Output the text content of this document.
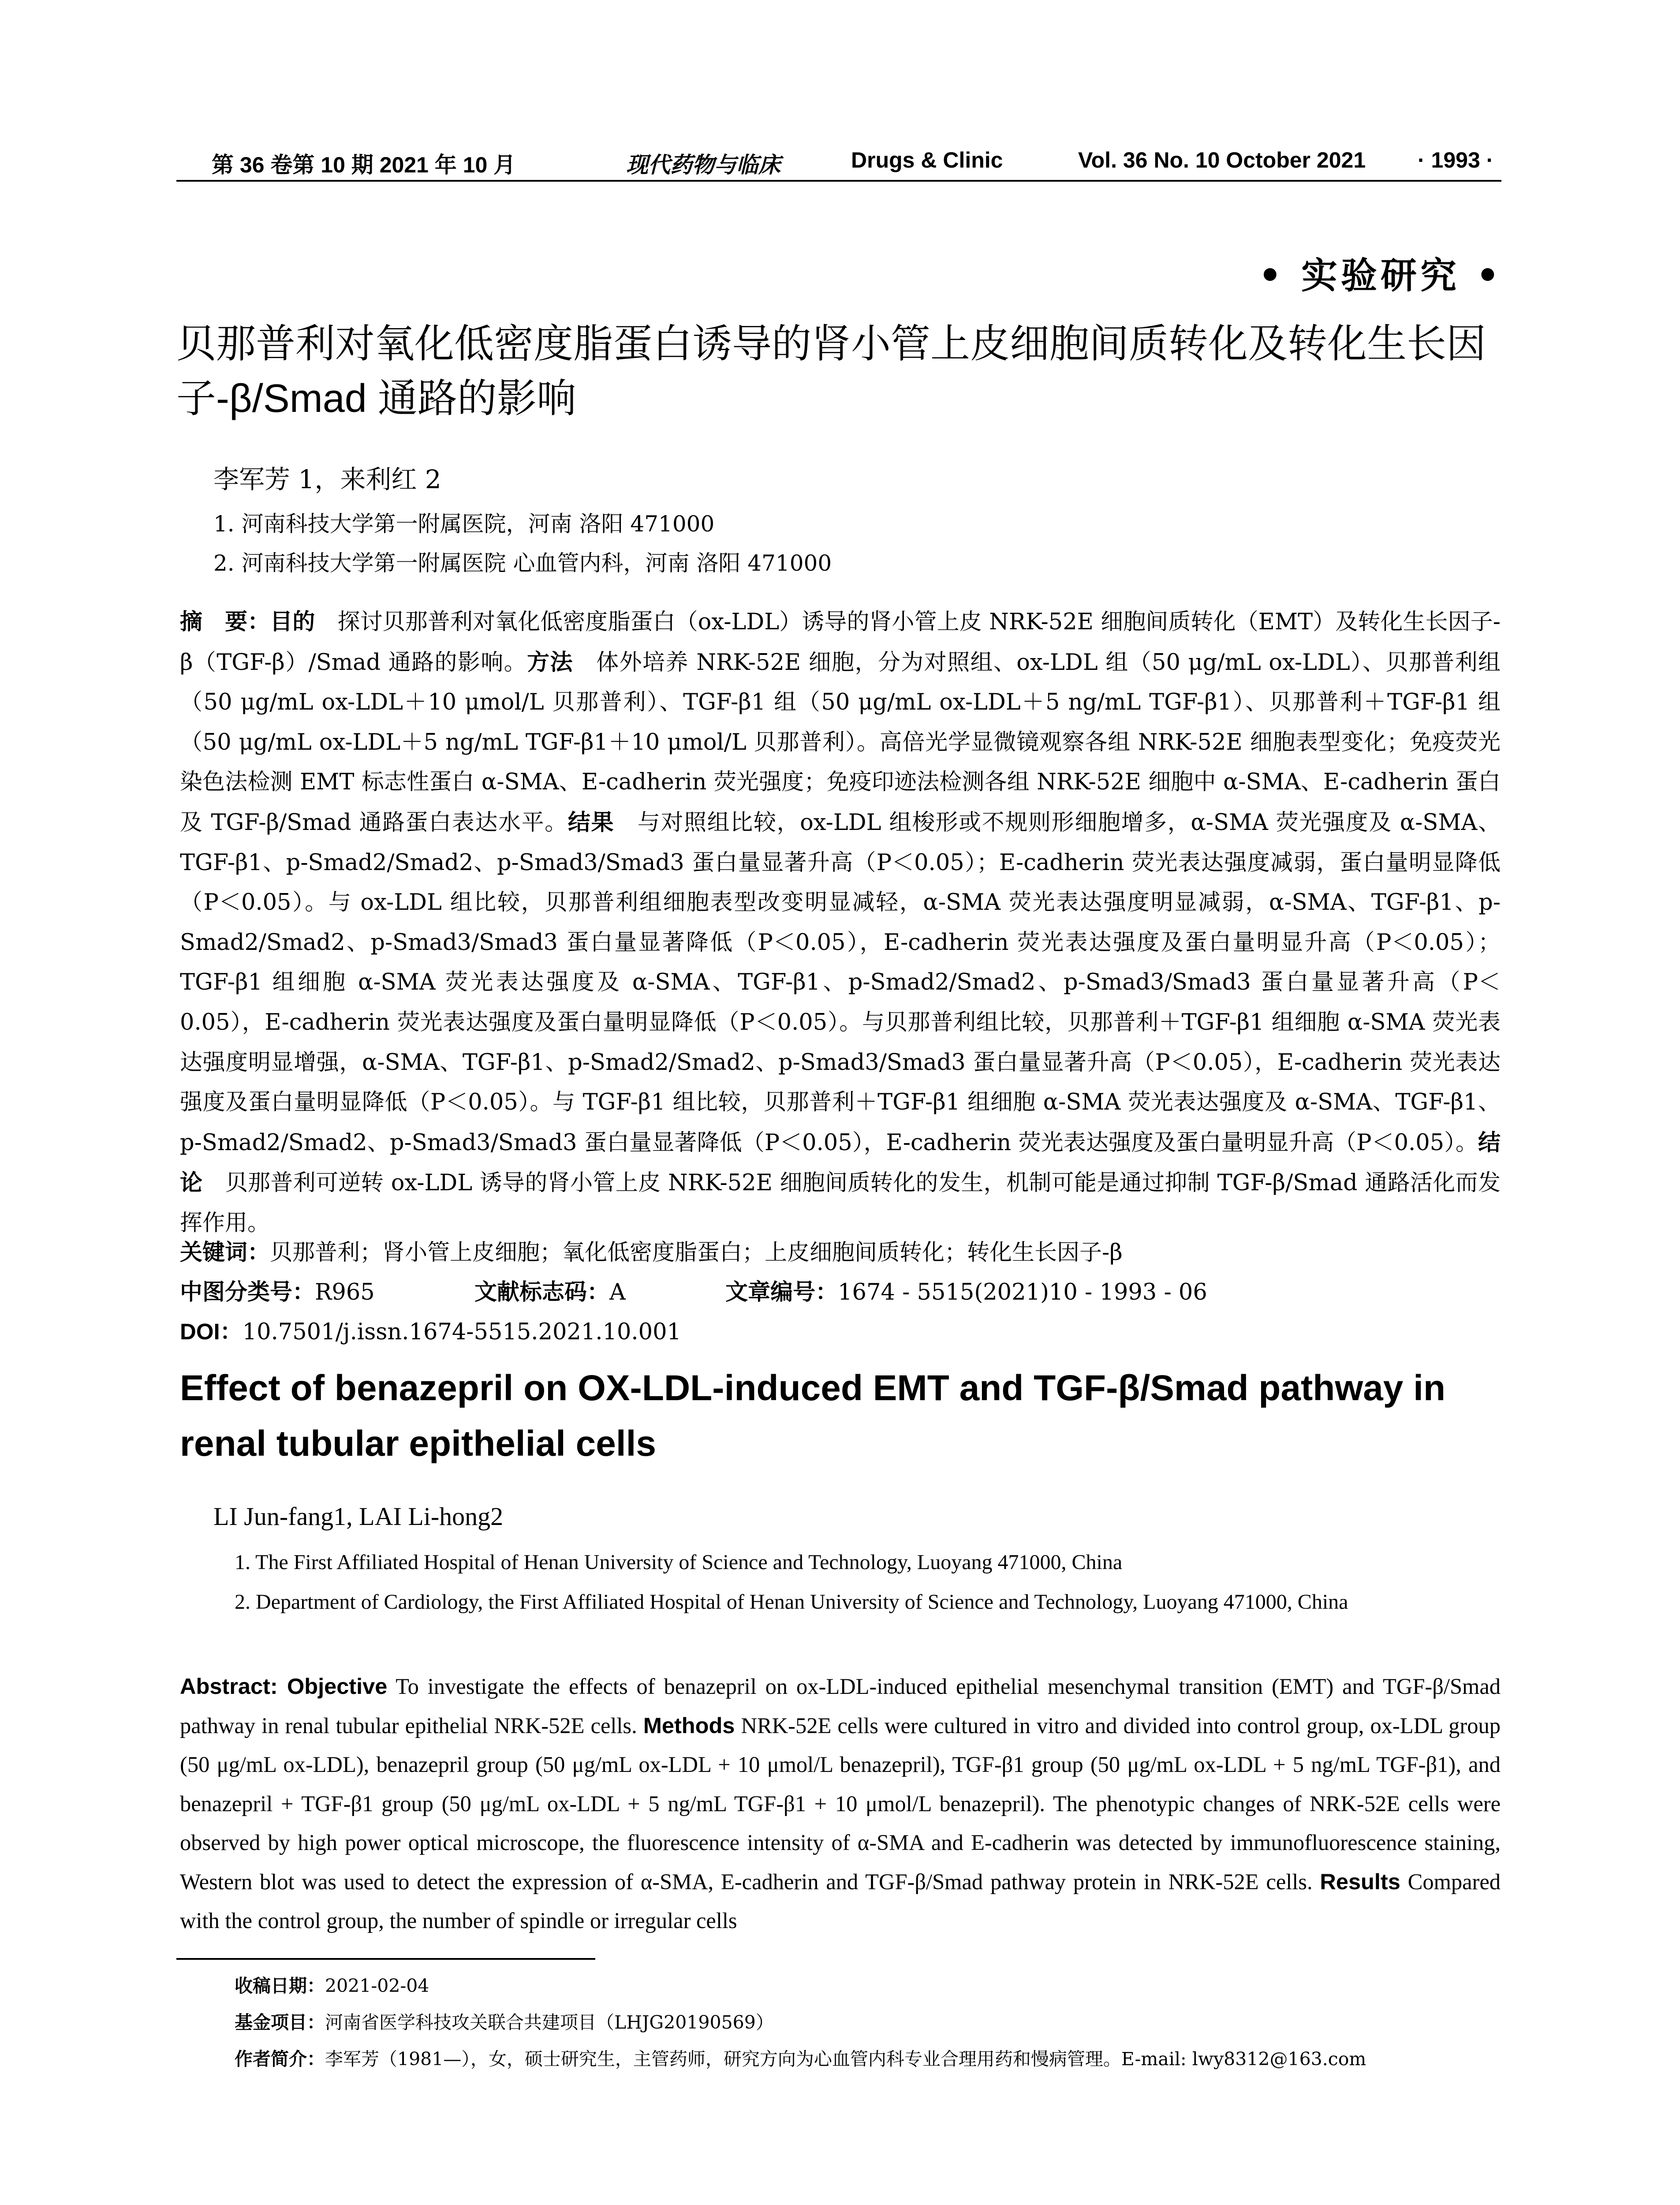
第 36 卷第 10 期 2021 年 10 月	现代药物与临床	Drugs & Clinic	Vol. 36 No. 10 October 2021 · 1993 ·
• 实验研究 •
贝那普利对氧化低密度脂蛋白诱导的肾小管上皮细胞间质转化及转化生长因子-β/Smad 通路的影响
李军芳 1，来利红 2
1. 河南科技大学第一附属医院，河南 洛阳 471000
2. 河南科技大学第一附属医院 心血管内科，河南 洛阳 471000
摘　要：目的　探讨贝那普利对氧化低密度脂蛋白（ox-LDL）诱导的肾小管上皮 NRK-52E 细胞间质转化（EMT）及转化生长因子-β（TGF-β）/Smad 通路的影响。方法　体外培养 NRK-52E 细胞，分为对照组、ox-LDL 组（50 μg/mL ox-LDL）、贝那普利组（50 μg/mL ox-LDL＋10 μmol/L 贝那普利）、TGF-β1 组（50 μg/mL ox-LDL＋5 ng/mL TGF-β1）、贝那普利＋TGF-β1 组（50 μg/mL ox-LDL＋5 ng/mL TGF-β1＋10 μmol/L 贝那普利）。高倍光学显微镜观察各组 NRK-52E 细胞表型变化；免疫荧光染色法检测 EMT 标志性蛋白 α-SMA、E-cadherin 荧光强度；免疫印迹法检测各组 NRK-52E 细胞中 α-SMA、E-cadherin 蛋白及 TGF-β/Smad 通路蛋白表达水平。结果　与对照组比较，ox-LDL 组梭形或不规则形细胞增多，α-SMA 荧光强度及 α-SMA、TGF-β1、p-Smad2/Smad2、p-Smad3/Smad3 蛋白量显著升高（P＜0.05）；E-cadherin 荧光表达强度减弱，蛋白量明显降低（P＜0.05）。与 ox-LDL 组比较，贝那普利组细胞表型改变明显减轻，α-SMA 荧光表达强度明显减弱，α-SMA、TGF-β1、p-Smad2/Smad2、p-Smad3/Smad3 蛋白量显著降低（P＜0.05），E-cadherin 荧光表达强度及蛋白量明显升高（P＜0.05）；TGF-β1 组细胞 α-SMA 荧光表达强度及 α-SMA、TGF-β1、p-Smad2/Smad2、p-Smad3/Smad3 蛋白量显著升高（P＜0.05），E-cadherin 荧光表达强度及蛋白量明显降低（P＜0.05）。与贝那普利组比较，贝那普利＋TGF-β1 组细胞 α-SMA 荧光表达强度明显增强，α-SMA、TGF-β1、p-Smad2/Smad2、p-Smad3/Smad3 蛋白量显著升高（P＜0.05），E-cadherin 荧光表达强度及蛋白量明显降低（P＜0.05）。与 TGF-β1 组比较，贝那普利＋TGF-β1 组细胞 α-SMA 荧光表达强度及 α-SMA、TGF-β1、p-Smad2/Smad2、p-Smad3/Smad3 蛋白量显著降低（P＜0.05），E-cadherin 荧光表达强度及蛋白量明显升高（P＜0.05）。结论　贝那普利可逆转 ox-LDL 诱导的肾小管上皮 NRK-52E 细胞间质转化的发生，机制可能是通过抑制 TGF-β/Smad 通路活化而发挥作用。
关键词：贝那普利；肾小管上皮细胞；氧化低密度脂蛋白；上皮细胞间质转化；转化生长因子-β
中图分类号：R965	文献标志码：A	文章编号：1674 - 5515(2021)10 - 1993 - 06
DOI：10.7501/j.issn.1674-5515.2021.10.001
Effect of benazepril on OX-LDL-induced EMT and TGF-β/Smad pathway in renal tubular epithelial cells
LI Jun-fang1, LAI Li-hong2
1. The First Affiliated Hospital of Henan University of Science and Technology, Luoyang 471000, China
2. Department of Cardiology, the First Affiliated Hospital of Henan University of Science and Technology, Luoyang 471000, China
Abstract: Objective To investigate the effects of benazepril on ox-LDL-induced epithelial mesenchymal transition (EMT) and TGF-β/Smad pathway in renal tubular epithelial NRK-52E cells. Methods NRK-52E cells were cultured in vitro and divided into control group, ox-LDL group (50 μg/mL ox-LDL), benazepril group (50 μg/mL ox-LDL + 10 μmol/L benazepril), TGF-β1 group (50 μg/mL ox-LDL + 5 ng/mL TGF-β1), and benazepril + TGF-β1 group (50 μg/mL ox-LDL + 5 ng/mL TGF-β1 + 10 μmol/L benazepril). The phenotypic changes of NRK-52E cells were observed by high power optical microscope, the fluorescence intensity of α-SMA and E-cadherin was detected by immunofluorescence staining, Western blot was used to detect the expression of α-SMA, E-cadherin and TGF-β/Smad pathway protein in NRK-52E cells. Results Compared with the control group, the number of spindle or irregular cells
收稿日期：2021-02-04
基金项目：河南省医学科技攻关联合共建项目（LHJG20190569）
作者简介：李军芳（1981—），女，硕士研究生，主管药师，研究方向为心血管内科专业合理用药和慢病管理。E-mail: lwy8312@163.com
